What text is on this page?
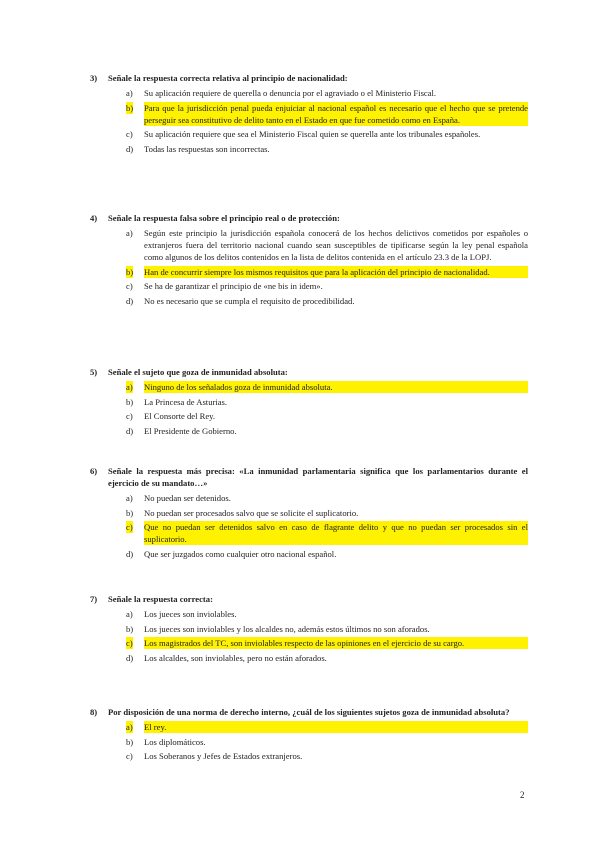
3)	Señale la respuesta correcta relativa al principio de nacionalidad:
a) Su aplicación requiere de querella o denuncia por el agraviado o el Ministerio Fiscal.
b) Para que la jurisdicción penal pueda enjuiciar al nacional español es necesario que el hecho que se pretende perseguir sea constitutivo de delito tanto en el Estado en que fue cometido como en España.
c) Su aplicación requiere que sea el Ministerio Fiscal quien se querella ante los tribunales españoles.
d) Todas las respuestas son incorrectas.
4)	Señale la respuesta falsa sobre el principio real o de protección:
a) Según este principio la jurisdicción española conocerá de los hechos delictivos cometidos por españoles o extranjeros fuera del territorio nacional cuando sean susceptibles de tipificarse según la ley penal española como algunos de los delitos contenidos en la lista de delitos contenida en el artículo 23.3 de la LOPJ.
b) Han de concurrir siempre los mismos requisitos que para la aplicación del principio de nacionalidad.
c) Se ha de garantizar el principio de «ne bis in idem».
d) No es necesario que se cumpla el requisito de procedibilidad.
5)	Señale el sujeto que goza de inmunidad absoluta:
a) Ninguno de los señalados goza de inmunidad absoluta.
b) La Princesa de Asturias.
c) El Consorte del Rey.
d) El Presidente de Gobierno.
6)	Señale la respuesta más precisa: «La inmunidad parlamentaria significa que los parlamentarios durante el ejercicio de su mandato…»
a) No puedan ser detenidos.
b) No puedan ser procesados salvo que se solicite el suplicatorio.
c) Que no puedan ser detenidos salvo en caso de flagrante delito y que no puedan ser procesados sin el suplicatorio.
d) Que ser juzgados como cualquier otro nacional español.
7)	Señale la respuesta correcta:
a) Los jueces son inviolables.
b) Los jueces son inviolables y los alcaldes no, además estos últimos no son aforados.
c) Los magistrados del TC, son inviolables respecto de las opiniones en el ejercicio de su cargo.
d) Los alcaldes, son inviolables, pero no están aforados.
8)	Por disposición de una norma de derecho interno, ¿cuál de los siguientes sujetos goza de inmunidad absoluta?
a) El rey.
b) Los diplomáticos.
c) Los Soberanos y Jefes de Estados extranjeros.
2
